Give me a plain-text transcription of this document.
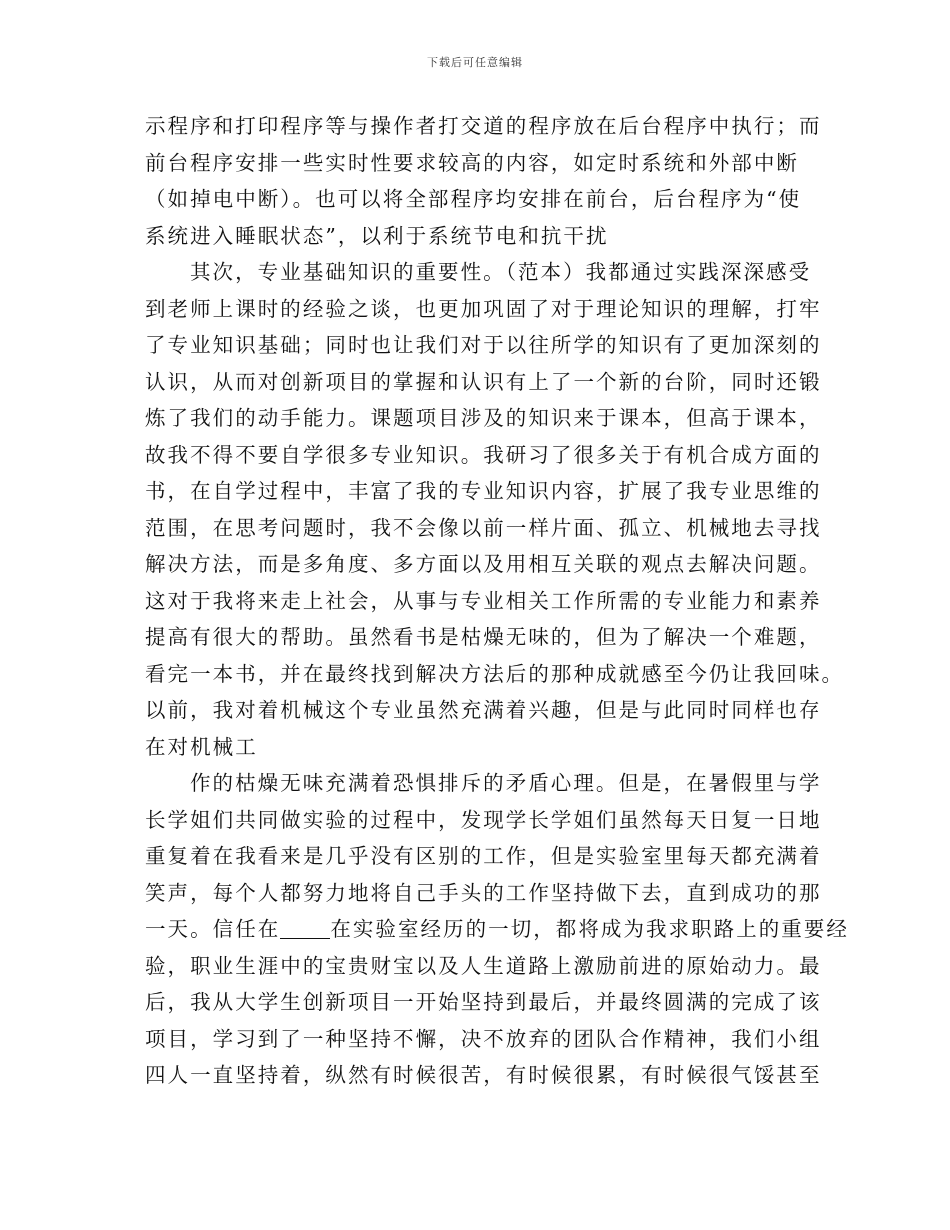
下载后可任意编辑
示程序和打印程序等与操作者打交道的程序放在后台程序中执行；而
前台程序安排一些实时性要求较高的内容，如定时系统和外部中断
（如掉电中断）。也可以将全部程序均安排在前台，后台程序为“使
系统进入睡眠状态”，以利于系统节电和抗干扰
其次，专业基础知识的重要性。（范本）我都通过实践深深感受
到老师上课时的经验之谈，也更加巩固了对于理论知识的理解，打牢
了专业知识基础；同时也让我们对于以往所学的知识有了更加深刻的
认识，从而对创新项目的掌握和认识有上了一个新的台阶，同时还锻
炼了我们的动手能力。课题项目涉及的知识来于课本，但高于课本，
故我不得不要自学很多专业知识。我研习了很多关于有机合成方面的
书，在自学过程中，丰富了我的专业知识内容，扩展了我专业思维的
范围，在思考问题时，我不会像以前一样片面、孤立、机械地去寻找
解决方法，而是多角度、多方面以及用相互关联的观点去解决问题。
这对于我将来走上社会，从事与专业相关工作所需的专业能力和素养
提高有很大的帮助。虽然看书是枯燥无味的，但为了解决一个难题，
看完一本书，并在最终找到解决方法后的那种成就感至今仍让我回味。
以前，我对着机械这个专业虽然充满着兴趣，但是与此同时同样也存
在对机械工
作的枯燥无味充满着恐惧排斥的矛盾心理。但是，在暑假里与学
长学姐们共同做实验的过程中，发现学长学姐们虽然每天日复一日地
重复着在我看来是几乎没有区别的工作，但是实验室里每天都充满着
笑声，每个人都努力地将自己手头的工作坚持做下去，直到成功的那
一天。信任在 在实验室经历的一切，都将成为我求职路上的重要经
验，职业生涯中的宝贵财宝以及人生道路上激励前进的原始动力。最
后，我从大学生创新项目一开始坚持到最后，并最终圆满的完成了该
项目，学习到了一种坚持不懈，决不放弃的团队合作精神，我们小组
四人一直坚持着，纵然有时候很苦，有时候很累，有时候很气馁甚至
